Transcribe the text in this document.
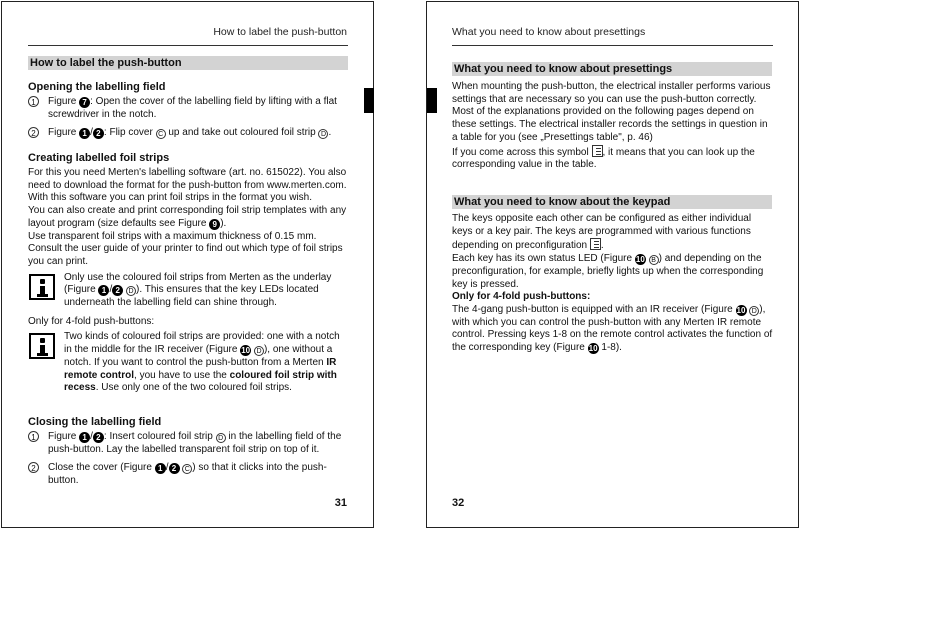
How to label the push-button
How to label the push-button
Opening the labelling field

1	Figure 7 : Open the cover of the labelling field by lifting with a flat screwdriver in the notch.

2	Figure 1 / 2 : Flip cover C up and take out coloured foil strip D .

Creating labelled foil strips

For this you need Merten's labelling software (art. no. 615022). You also need to download the format for the push-button from www.merten.com. With this software you can print foil strips in the format you wish.

You can also create and print corresponding foil strip templates with any layout program (size defaults see Figure 9 ).

Use transparent foil strips with a maximum thickness of 0.15 mm.

Consult the user guide of your printer to find out which type of foil strips you can print.

Only use the coloured foil strips from Merten as the underlay (Figure 1 / 2 D ). This ensures that the key LEDs located underneath the labelling field can shine through.

Only for 4-fold push-buttons:

Two kinds of coloured foil strips are provided: one with a notch in the middle for the IR receiver (Figure 10 D ), one without a notch. If you want to control the push-button from a Merten IR remote control, you have to use the coloured foil strip with recess. Use only one of the two coloured foil strips.
Closing the labelling field

1	Figure 1 / 2 : Insert coloured foil strip D in the labelling field of the push-button. Lay the labelled transparent foil strip on top of it.

2	Close the cover (Figure 1 / 2 C ) so that it clicks into the push-button.

31
What you need to know about presettings
What you need to know about presettings

When mounting the push-button, the electrical installer performs various settings that are necessary so you can use the push-button correctly. Most of the explanations provided on the following pages depend on these settings. The electrical installer records the settings in question in a table for you (see „Presettings table", p. 46)

If you come across this symbol , it means that you can look up the corresponding value in the table.

What you need to know about the keypad

The keys opposite each other can be configured as either individual keys or a key pair. The keys are programmed with various functions depending on preconfiguration .

Each key has its own status LED (Figure 10 B ) and depending on the preconfiguration, for example, briefly lights up when the corresponding key is pressed.

Only for 4-fold push-buttons:

The 4-gang push-button is equipped with an IR receiver (Figure 10 D ), with which you can control the push-button with any Merten IR remote control. Pressing keys 1-8 on the remote control activates the function of the corresponding key (Figure 10 1-8).

32
